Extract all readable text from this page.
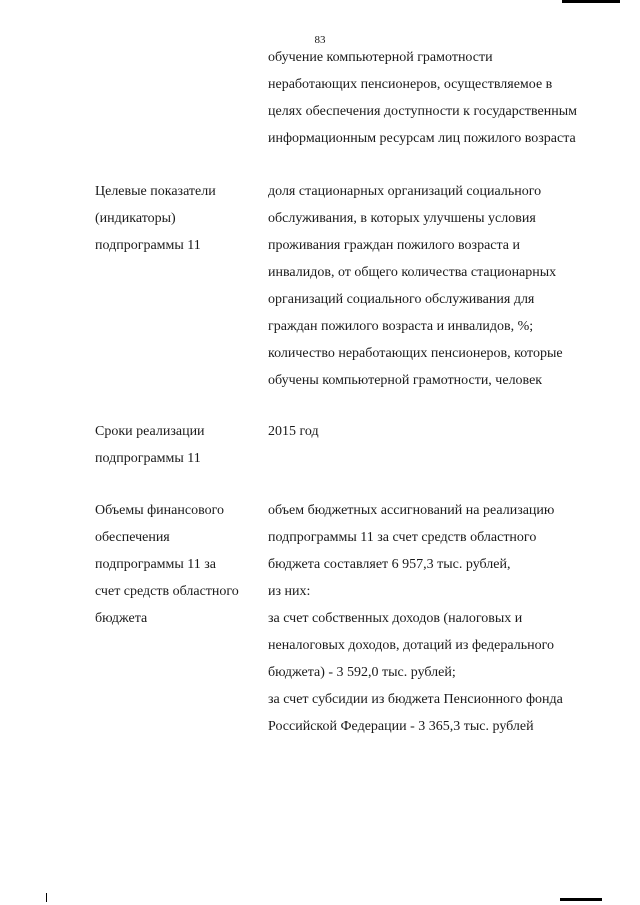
83
обучение компьютерной грамотности
неработающих пенсионеров, осуществляемое в
целях обеспечения доступности к государственным
информационным ресурсам лиц пожилого возраста
Целевые показатели
(индикаторы)
подпрограммы 11
доля стационарных организаций социального
обслуживания, в которых улучшены условия
проживания граждан пожилого возраста и
инвалидов, от общего количества стационарных
организаций социального обслуживания для
граждан пожилого возраста и инвалидов, %;
количество неработающих пенсионеров, которые
обучены компьютерной грамотности, человек
Сроки реализации
подпрограммы 11
2015 год
Объемы финансового
обеспечения
подпрограммы 11 за
счет средств областного
бюджета
объем бюджетных ассигнований на реализацию
подпрограммы 11 за счет средств областного
бюджета составляет 6 957,3 тыс. рублей,
из них:
за счет собственных доходов (налоговых и
неналоговых доходов, дотаций из федерального
бюджета) - 3 592,0 тыс. рублей;
за счет субсидии из бюджета Пенсионного фонда
Российской Федерации - 3 365,3 тыс. рублей
